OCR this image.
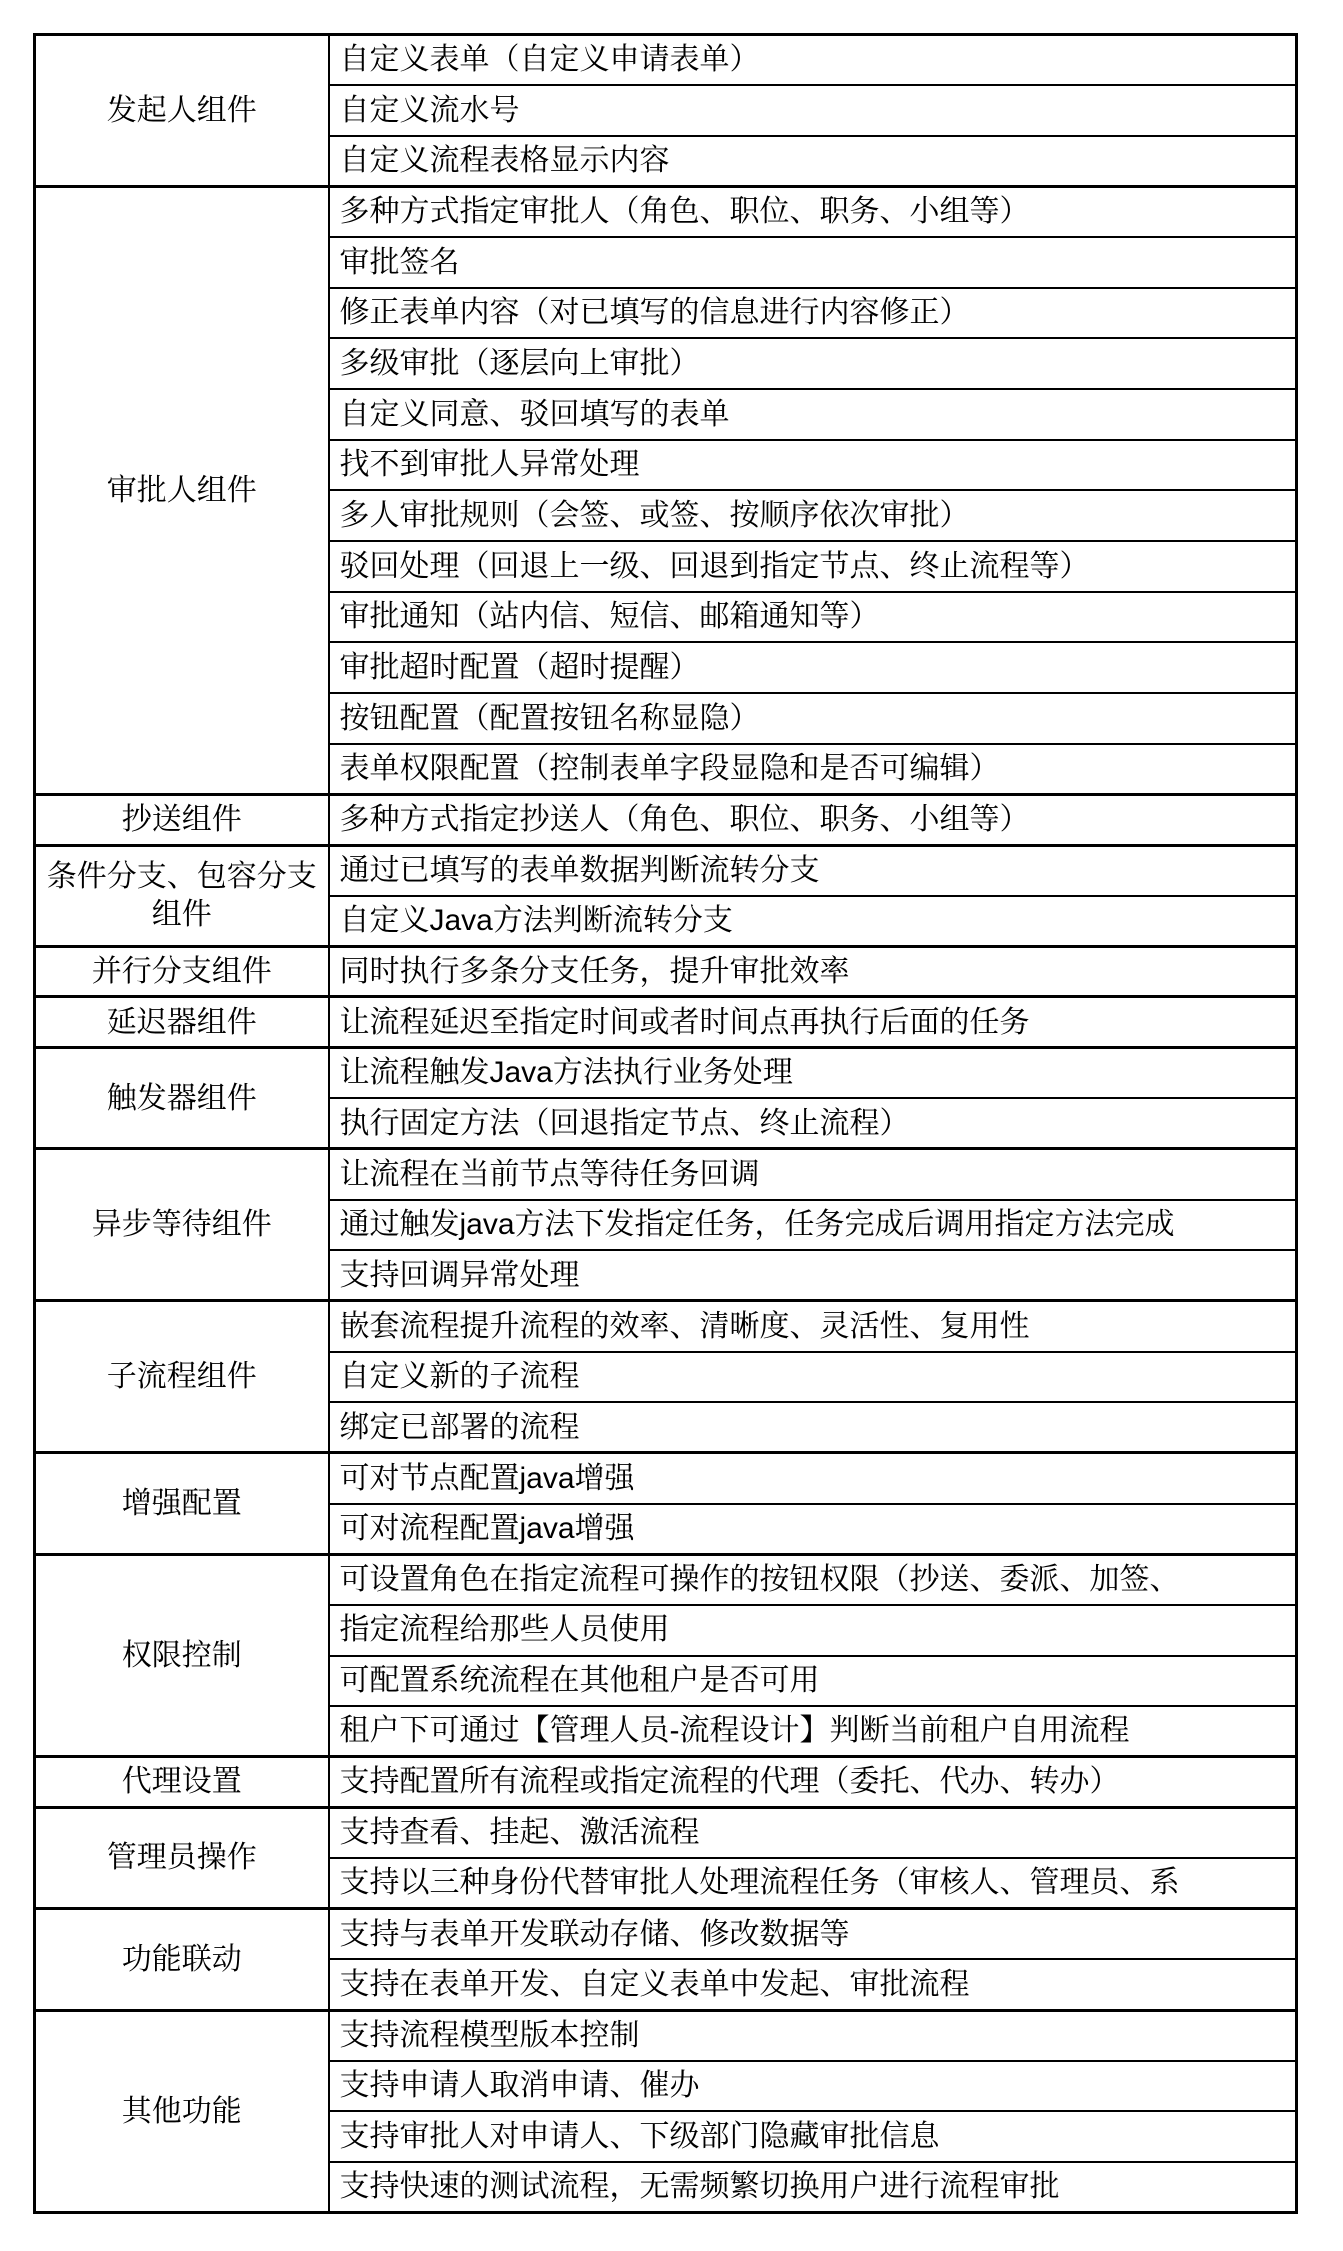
发起人组件	自定义表单（自定义申请表单）
	自定义流水号
	自定义流程表格显示内容
审批人组件	多种方式指定审批人（角色、职位、职务、小组等）
	审批签名
	修正表单内容（对已填写的信息进行内容修正）
	多级审批（逐层向上审批）
	自定义同意、驳回填写的表单
	找不到审批人异常处理
	多人审批规则（会签、或签、按顺序依次审批）
	驳回处理（回退上一级、回退到指定节点、终止流程等）
	审批通知（站内信、短信、邮箱通知等）
	审批超时配置（超时提醒）
	按钮配置（配置按钮名称显隐）
	表单权限配置（控制表单字段显隐和是否可编辑）
抄送组件	多种方式指定抄送人（角色、职位、职务、小组等）
条件分支、包容分支组件	通过已填写的表单数据判断流转分支
	自定义Java方法判断流转分支
并行分支组件	同时执行多条分支任务，提升审批效率
延迟器组件	让流程延迟至指定时间或者时间点再执行后面的任务
触发器组件	让流程触发Java方法执行业务处理
	执行固定方法（回退指定节点、终止流程）
异步等待组件	让流程在当前节点等待任务回调
	通过触发java方法下发指定任务，任务完成后调用指定方法完成
	支持回调异常处理
子流程组件	嵌套流程提升流程的效率、清晰度、灵活性、复用性
	自定义新的子流程
	绑定已部署的流程
增强配置	可对节点配置java增强
	可对流程配置java增强
权限控制	可设置角色在指定流程可操作的按钮权限（抄送、委派、加签、
	指定流程给那些人员使用
	可配置系统流程在其他租户是否可用
	租户下可通过【管理人员-流程设计】判断当前租户自用流程
代理设置	支持配置所有流程或指定流程的代理（委托、代办、转办）
管理员操作	支持查看、挂起、激活流程
	支持以三种身份代替审批人处理流程任务（审核人、管理员、系
功能联动	支持与表单开发联动存储、修改数据等
	支持在表单开发、自定义表单中发起、审批流程
其他功能	支持流程模型版本控制
	支持申请人取消申请、催办
	支持审批人对申请人、下级部门隐藏审批信息
	支持快速的测试流程，无需频繁切换用户进行流程审批
